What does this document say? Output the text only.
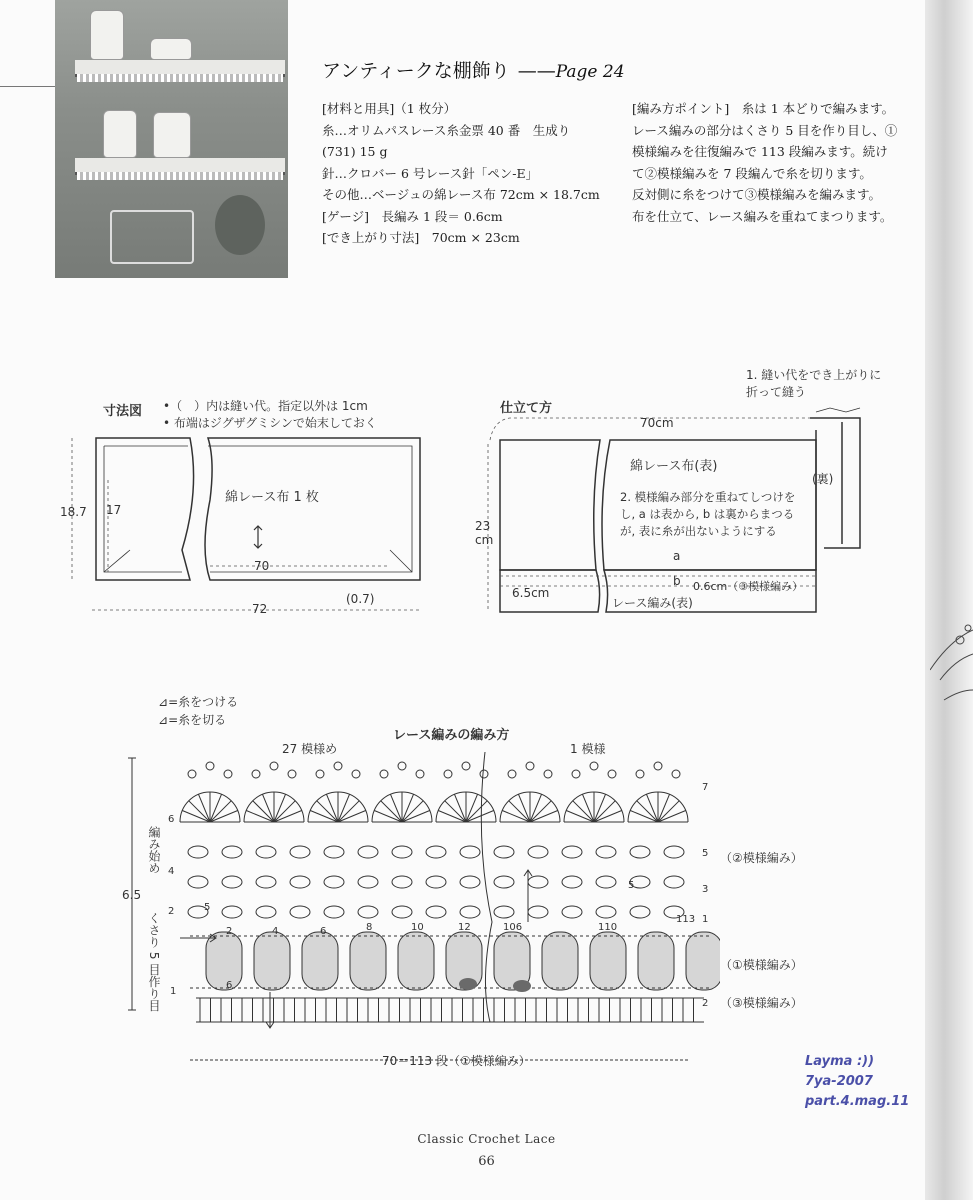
アンティークな棚飾り ——Page 24
[材料と用具]（1 枚分）
糸…オリムパスレース糸金票 40 番　生成り
(731) 15 g
針…クロバー 6 号レース針「ペン-E」
その他…ベージュの綿レース布 72cm × 18.7cm
[ゲージ]　長編み 1 段＝ 0.6cm
[でき上がり寸法]　70cm × 23cm
[編み方ポイント]　糸は 1 本どりで編みます。
レース編みの部分はくさり 5 目を作り目し、①
模様編みを往復編みで 113 段編みます。続け
て②模様編みを 7 段編んで糸を切ります。
反対側に糸をつけて③模様編みを編みます。
布を仕立て、レース編みを重ねてまつります。
寸法図 •（　）内は縫い代。指定以外は 1cm
• 布端はジグザグミシンで始末しておく
綿レース布 1 枚
18.7 17
70
72
(0.7)
仕立て方
70cm
1. 縫い代をでき上がりに
折って縫う
綿レース布(表)
(裏)
2. 模様編み部分を重ねてしつけを
し, a は表から, b は裏からまつる
が, 表に糸が出ないようにする
23
cm
a
b 0.6cm（③模様編み）
6.5cm
レース編み(表)
⊿=糸をつける
⊿=糸を切る
レース編みの編み方
27 模様め	1 模様
6.5
編み始め
くさり 5 目作り目
（②模様編み）
（①模様編み）
（③模様編み）
113
110
106
12
10
8
6
4
2
7
5
3
1
2
6
4
2
1
5
5
6
70＝113 段（①模様編み）	Layma :))
7ya-2007
part.4.mag.11
Classic Crochet Lace
66
